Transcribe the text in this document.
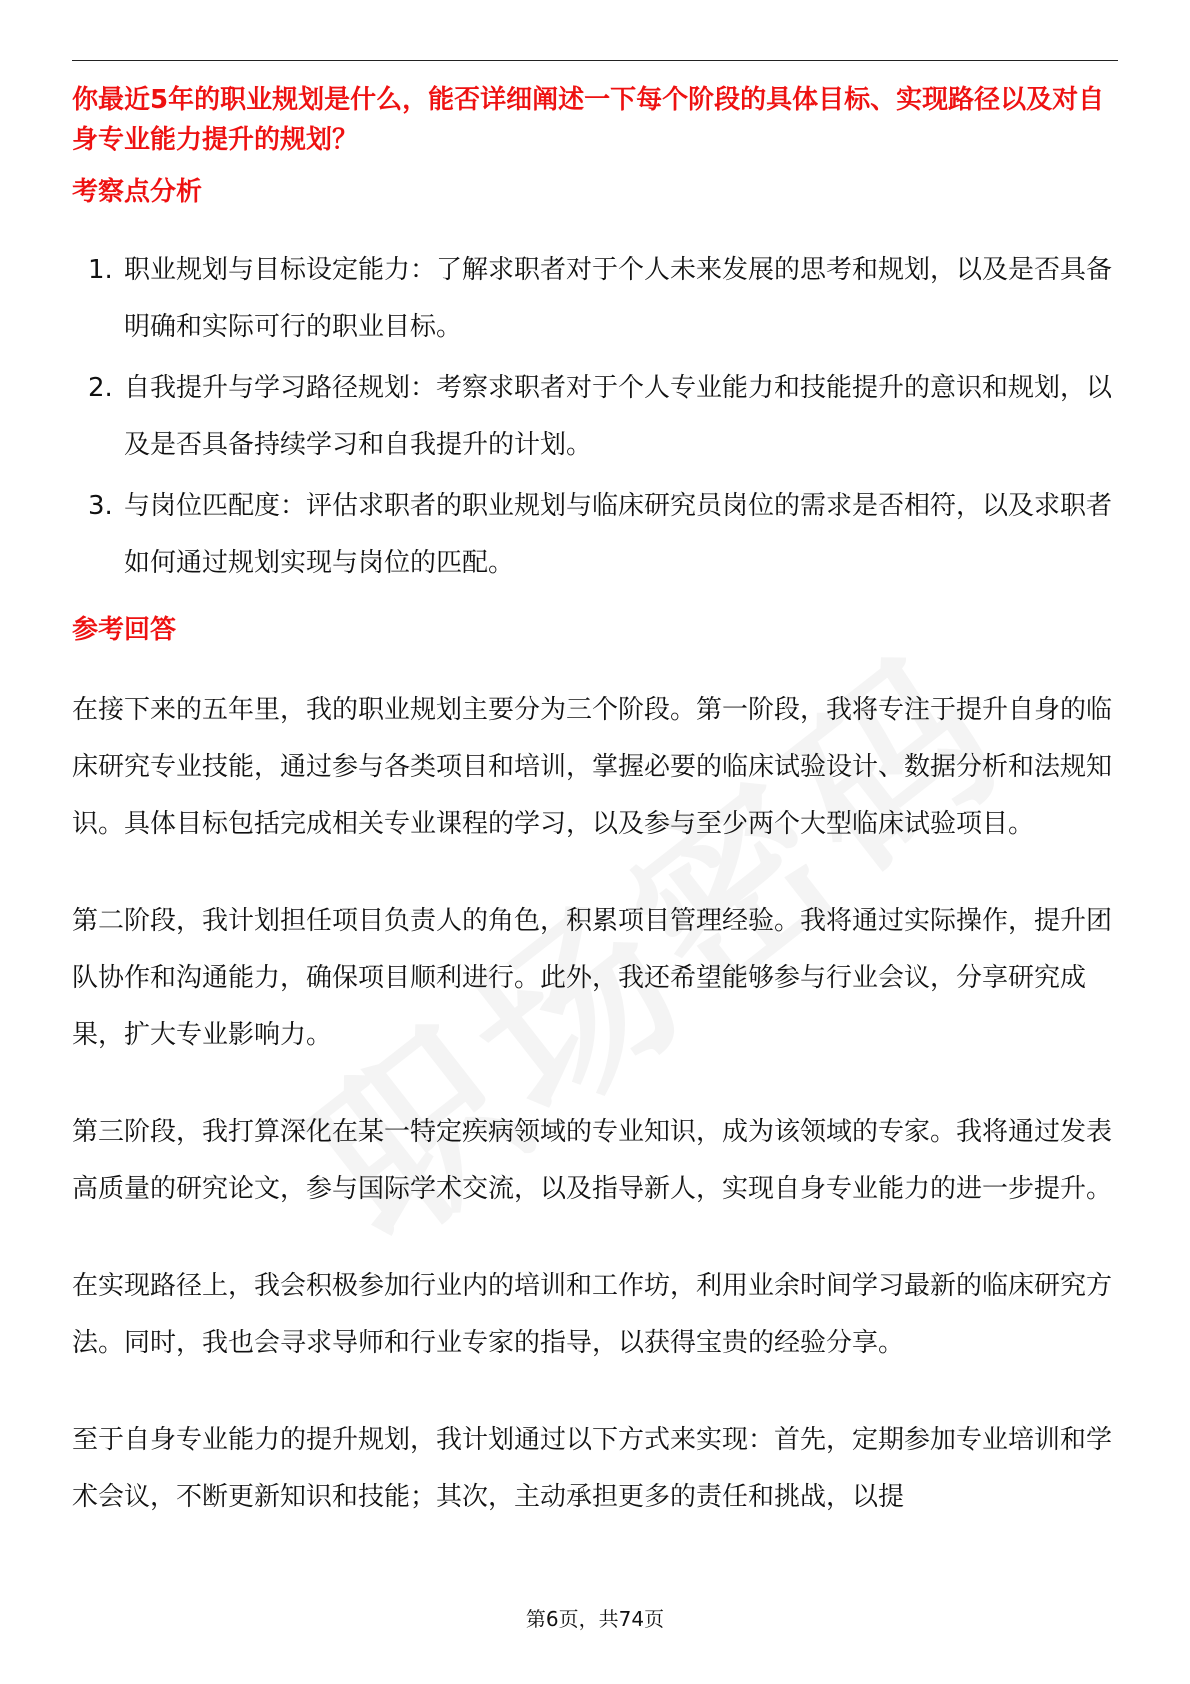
你最近5年的职业规划是什么，能否详细阐述一下每个阶段的具体目标、实现路径以及对自身专业能力提升的规划？
考察点分析
1. 职业规划与目标设定能力：了解求职者对于个人未来发展的思考和规划，以及是否具备明确和实际可行的职业目标。
2. 自我提升与学习路径规划：考察求职者对于个人专业能力和技能提升的意识和规划，以及是否具备持续学习和自我提升的计划。
3. 与岗位匹配度：评估求职者的职业规划与临床研究员岗位的需求是否相符，以及求职者如何通过规划实现与岗位的匹配。
参考回答

在接下来的五年里，我的职业规划主要分为三个阶段。第一阶段，我将专注于提升自身的临床研究专业技能，通过参与各类项目和培训，掌握必要的临床试验设计、数据分析和法规知识。具体目标包括完成相关专业课程的学习，以及参与至少两个大型临床试验项目。

第二阶段，我计划担任项目负责人的角色，积累项目管理经验。我将通过实际操作，提升团队协作和沟通能力，确保项目顺利进行。此外，我还希望能够参与行业会议，分享研究成果，扩大专业影响力。

第三阶段，我打算深化在某一特定疾病领域的专业知识，成为该领域的专家。我将通过发表高质量的研究论文，参与国际学术交流，以及指导新人，实现自身专业能力的进一步提升。

在实现路径上，我会积极参加行业内的培训和工作坊，利用业余时间学习最新的临床研究方法。同时，我也会寻求导师和行业专家的指导，以获得宝贵的经验分享。

至于自身专业能力的提升规划，我计划通过以下方式来实现：首先，定期参加专业培训和学术会议，不断更新知识和技能；其次，主动承担更多的责任和挑战，以提

第6页，共74页
